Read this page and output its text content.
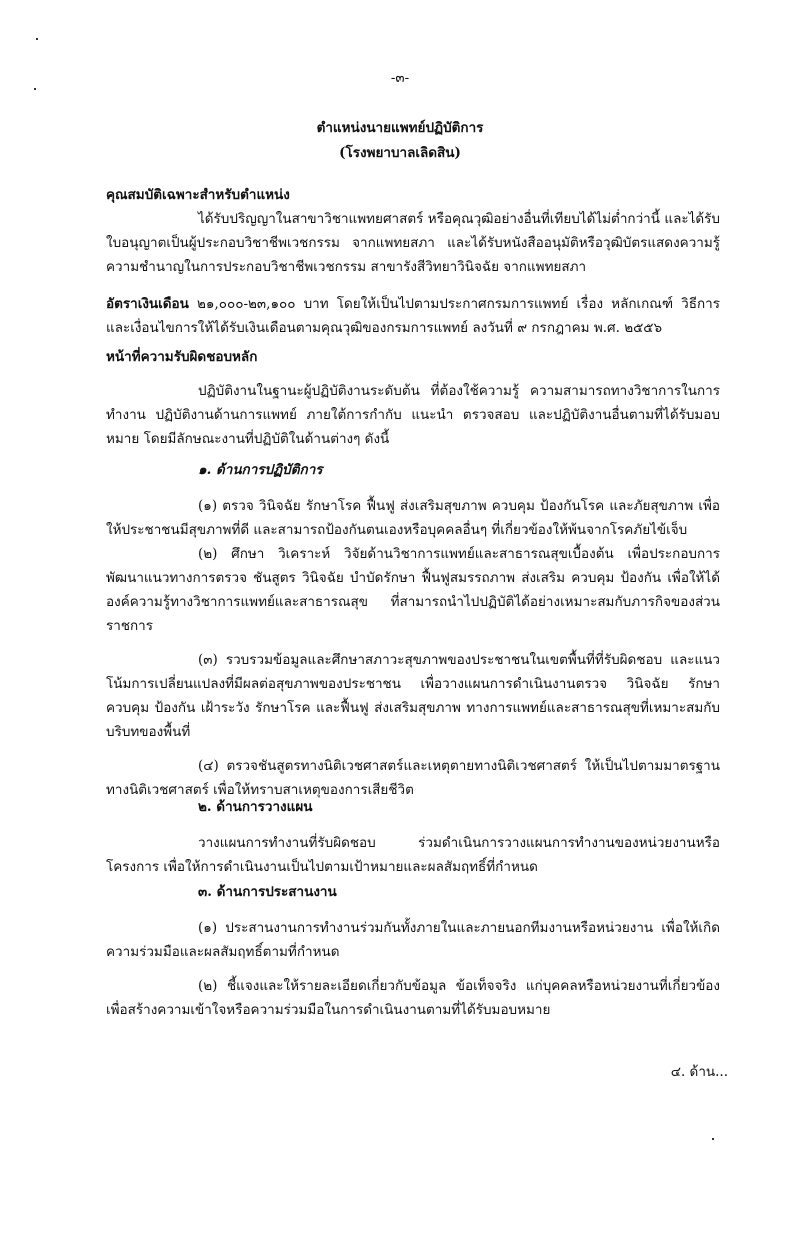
-๓-
ตำแหน่งนายแพทย์ปฏิบัติการ
(โรงพยาบาลเลิดสิน)
คุณสมบัติเฉพาะสำหรับตำแหน่ง

ได้รับปริญญาในสาขาวิชาแพทยศาสตร์ หรือคุณวุฒิอย่างอื่นที่เทียบได้ไม่ต่ำกว่านี้ และได้รับใบอนุญาตเป็นผู้ประกอบวิชาชีพเวชกรรม จากแพทยสภา และได้รับหนังสืออนุมัติหรือวุฒิบัตรแสดงความรู้ความชำนาญในการประกอบวิชาชีพเวชกรรม สาขารังสีวิทยาวินิจฉัย จากแพทยสภา

อัตราเงินเดือน ๒๑,๐๐๐-๒๓,๑๐๐ บาท โดยให้เป็นไปตามประกาศกรมการแพทย์ เรื่อง หลักเกณฑ์ วิธีการและเงื่อนไขการให้ได้รับเงินเดือนตามคุณวุฒิของกรมการแพทย์ ลงวันที่ ๙ กรกฎาคม พ.ศ. ๒๕๕๖
หน้าที่ความรับผิดชอบหลัก

ปฏิบัติงานในฐานะผู้ปฏิบัติงานระดับต้น ที่ต้องใช้ความรู้ ความสามารถทางวิชาการในการทำงาน ปฏิบัติงานด้านการแพทย์ ภายใต้การกำกับ แนะนำ ตรวจสอบ และปฏิบัติงานอื่นตามที่ได้รับมอบหมาย โดยมีลักษณะงานที่ปฏิบัติในด้านต่างๆ ดังนี้

๑. ด้านการปฏิบัติการ

(๑) ตรวจ วินิจฉัย รักษาโรค ฟื้นฟู ส่งเสริมสุขภาพ ควบคุม ป้องกันโรค และภัยสุขภาพ เพื่อให้ประชาชนมีสุขภาพที่ดี และสามารถป้องกันตนเองหรือบุคคลอื่นๆ ที่เกี่ยวข้องให้พ้นจากโรคภัยไข้เจ็บ

(๒) ศึกษา วิเคราะห์ วิจัยด้านวิชาการแพทย์และสาธารณสุขเบื้องต้น เพื่อประกอบการพัฒนาแนวทางการตรวจ ชันสูตร วินิจฉัย บำบัดรักษา ฟื้นฟูสมรรถภาพ ส่งเสริม ควบคุม ป้องกัน เพื่อให้ได้องค์ความรู้ทางวิชาการแพทย์และสาธารณสุข ที่สามารถนำไปปฏิบัติได้อย่างเหมาะสมกับภารกิจของส่วนราชการ

(๓) รวบรวมข้อมูลและศึกษาสภาวะสุขภาพของประชาชนในเขตพื้นที่ที่รับผิดชอบ และแนวโน้มการเปลี่ยนแปลงที่มีผลต่อสุขภาพของประชาชน เพื่อวางแผนการดำเนินงานตรวจ วินิจฉัย รักษา ควบคุม ป้องกัน เฝ้าระวัง รักษาโรค และฟื้นฟู ส่งเสริมสุขภาพ ทางการแพทย์และสาธารณสุขที่เหมาะสมกับบริบทของพื้นที่

(๔) ตรวจชันสูตรทางนิติเวชศาสตร์และเหตุตายทางนิติเวชศาสตร์ ให้เป็นไปตามมาตรฐานทางนิติเวชศาสตร์ เพื่อให้ทราบสาเหตุของการเสียชีวิต

๒. ด้านการวางแผน

วางแผนการทำงานที่รับผิดชอบ ร่วมดำเนินการวางแผนการทำงานของหน่วยงานหรือโครงการ เพื่อให้การดำเนินงานเป็นไปตามเป้าหมายและผลสัมฤทธิ์ที่กำหนด

๓. ด้านการประสานงาน

(๑) ประสานงานการทำงานร่วมกันทั้งภายในและภายนอกทีมงานหรือหน่วยงาน เพื่อให้เกิดความร่วมมือและผลสัมฤทธิ์ตามที่กำหนด

(๒) ชี้แจงและให้รายละเอียดเกี่ยวกับข้อมูล ข้อเท็จจริง แก่บุคคลหรือหน่วยงานที่เกี่ยวข้อง เพื่อสร้างความเข้าใจหรือความร่วมมือในการดำเนินงานตามที่ได้รับมอบหมาย

๔. ด้าน...
